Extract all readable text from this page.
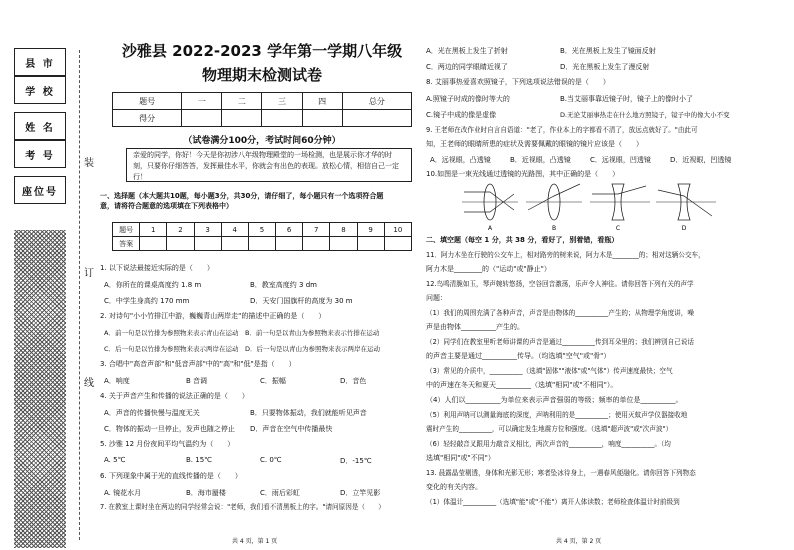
县 市
学 校
姓 名
考 号
座位号
装
订
线
沙雅县 2022-2023 学年第一学期八年级
物理期末检测试卷
题号	一	二	三	四	总分
得分					
（试卷满分100分，考试时间60分钟）
亲爱的同学，你好！今天是你初涉八年级物理殿堂的一场检测，也是展示你才华的时刻，只要你仔细答答，发挥最佳水平，你就会有出色的表现。放松心情，相信自己一定行！
一、选择题（本大题共10题，每小题3分，共30分，请仔细了，每小题只有一个选项符合题
意，请将符合题意的选项填在下列表格中）
题号	1	2	3	4	5	6	7	8	9	10
答案										
1. 以下说法最接近实际的是（　　）
A．你所在的课桌高度约 1.8 m	B．教室高度约 3 dm
C．中学生身高约 170 mm	D．天安门国旗杆的高度为 30 m
2. 对诗句"小小竹排江中游，巍巍青山两岸走"的描述中正确的是（　　）
A．前一句是以竹排为参照物来表示青山在运动　B．前一句是以青山为参照物来表示竹排在运动
C．后一句是以竹排为参照物来表示两岸在运动　D．后一句是以青山为参照物来表示两岸在运动
3. 合唱中"高音声部"和"低音声部"中的"高"和"低"是指（　　）
A．响度	B 音调	C．振幅	D．音色
4. 关于声音产生和传播的说法正确的是（　　）
A．声音的传播快慢与温度无关	B．只要物体振动，我们就能听见声音
C．物体的振动一旦停止，发声也随之停止 D．声音在空气中传播最快
5. 沙雅 12 月份夜间平均气温约为（　　）
A. 5℃	B. 15℃	C. 0℃	D．-15℃
6. 下列现象中属于光的直线传播的是（　　）
A. 镜花水月	B．海市蜃楼	C．雨后彩虹	D．立竿见影
7. 在教室上课时坐在两边的同学经常会说："老师，我们看不清黑板上的字。"请问原因是（　　）
共 4 页，第 1 页
A．光在黑板上发生了折射	B．光在黑板上发生了镜面反射
C．两边的同学眼睛近视了	D．光在黑板上发生了漫反射
8. 艾丽事热爱喜欢照镜子，下列选项说法错误的是（　　）
A.照镜子时成的像时等大的	B.当艾丽事靠近镜子时，镜子上的像时小了
C.镜子中成的像是虚像	D.无论艾丽事热走在什么地方照镜子，镜子中的像大小不变
9. 王老师在改作业时自言自语道："老了，作业本上的字都看不清了，放远点就好了。"由此可
知，王老师的眼睛所患的症状及需要佩戴的眼镜的镜片应该是（　　）
A．远视眼，凸透镜	B．近视眼，凸透镜	C．远视眼，凹透镜	D．近视眼，凹透镜
10.如图是一束光线通过透镜的光路图，其中正确的是（　　）
A	B	C	D
二、填空题（每空 1 分，共 38 分，看好了，别着错，看瓶）
11．阿力木坐在行驶的公交车上，相对路旁的树来说，阿力木是________的；相对这辆公交车，
阿力木是________的（"运动"或"静止"）
12.鸟鸣清脆如玉，琴声婉转悠扬，空谷回音激荡，乐声令人神往。请你回答下列有关的声学
问题：
（1）我们的周围充满了各种声音，声音是由物体的__________产生的；从物理学角度讲，噪
声是由物体__________产生的。
（2）同学们在教室里听老师讲课的声音是通过__________传到耳朵里的；我们辨别自己说话
的声音主要是通过__________传导。（均选填"空气"或"骨"）
（3）常见的介质中，__________（选填"固体""液体"或"气体"）传声速度最快；空气
中的声速在冬天和夏天__________（选填"相同"或"不相同"）。
（4）人们以__________为单位来表示声音强弱的等级；频率的单位是__________。
（5）利用声呐可以测量海底的深度，声呐利用的是__________；使用灭蚊声学仪器接收地
震时产生的__________，可以确定发生地震方位和强度。（选填"超声波"或"次声波"）
（6）轻轻敲音叉跟用力敲音叉相比，两次声音的__________，响度__________。（均
选填"相同"或"不同"）
13. 晨露晶莹剔透，身体和光影无形；寒者坠冰待身上，一遇春风便融化。请你回答下列物态
变化的有关内容。
（1）体温计__________（选填"能"或"不能"）离开人体读数；老师检查体温计时前级到
共 4 页，第 2 页
